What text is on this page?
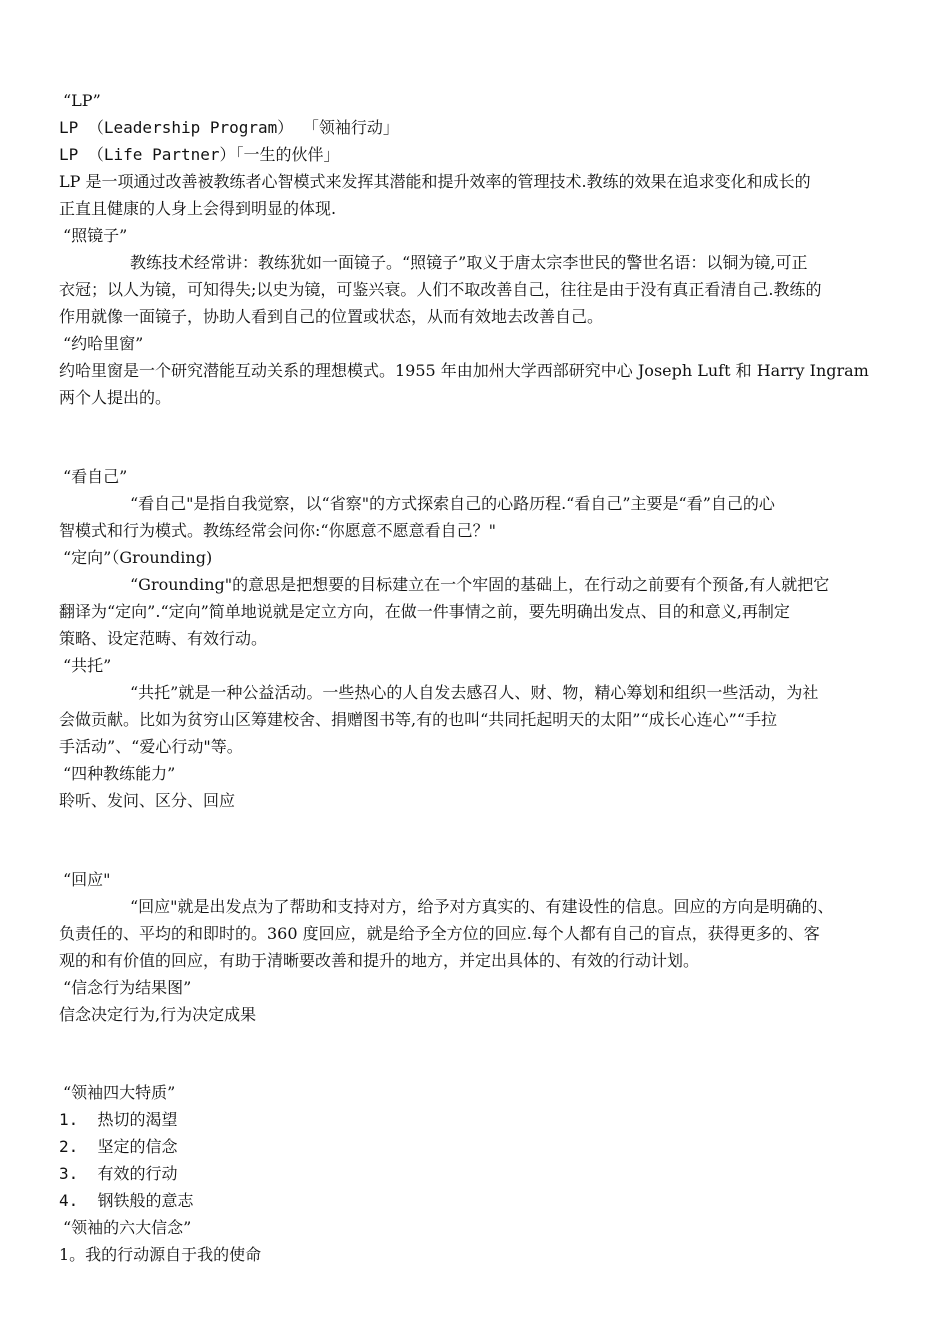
“LP”
LP （Leadership Program） 「领袖行动」
LP （Life Partner）「一生的伙伴」
LP 是一项通过改善被教练者心智模式来发挥其潜能和提升效率的管理技术.教练的效果在追求变化和成长的
正直且健康的人身上会得到明显的体现.
“照镜子”
教练技术经常讲：教练犹如一面镜子。“照镜子”取义于唐太宗李世民的警世名语：以铜为镜,可正
衣冠；以人为镜，可知得失;以史为镜，可鉴兴衰。人们不取改善自己，往往是由于没有真正看清自己.教练的
作用就像一面镜子，协助人看到自己的位置或状态，从而有效地去改善自己。
“约哈里窗”
约哈里窗是一个研究潜能互动关系的理想模式。1955 年由加州大学西部研究中心 Joseph Luft 和 Harry Ingram
两个人提出的。
“看自己”
“看自己"是指自我觉察，以“省察"的方式探索自己的心路历程.“看自己”主要是“看”自己的心
智模式和行为模式。教练经常会问你:“你愿意不愿意看自己？"
“定向”（Grounding)
“Grounding"的意思是把想要的目标建立在一个牢固的基础上，在行动之前要有个预备,有人就把它
翻译为“定向”.“定向”简单地说就是定立方向，在做一件事情之前，要先明确出发点、目的和意义,再制定
策略、设定范畴、有效行动。
“共托”
“共托”就是一种公益活动。一些热心的人自发去感召人、财、物，精心筹划和组织一些活动，为社
会做贡献。比如为贫穷山区筹建校舍、捐赠图书等,有的也叫“共同托起明天的太阳”“成长心连心”“手拉
手活动”、“爱心行动"等。
“四种教练能力”
聆听、发问、区分、回应
“回应"
“回应"就是出发点为了帮助和支持对方，给予对方真实的、有建设性的信息。回应的方向是明确的、
负责任的、平均的和即时的。360 度回应，就是给予全方位的回应.每个人都有自己的盲点，获得更多的、客
观的和有价值的回应，有助于清晰要改善和提升的地方，并定出具体的、有效的行动计划。
“信念行为结果图”
信念决定行为,行为决定成果
“领袖四大特质”
1.  热切的渴望
2.  坚定的信念
3.  有效的行动
4.  钢铁般的意志
“领袖的六大信念”
1。我的行动源自于我的使命
